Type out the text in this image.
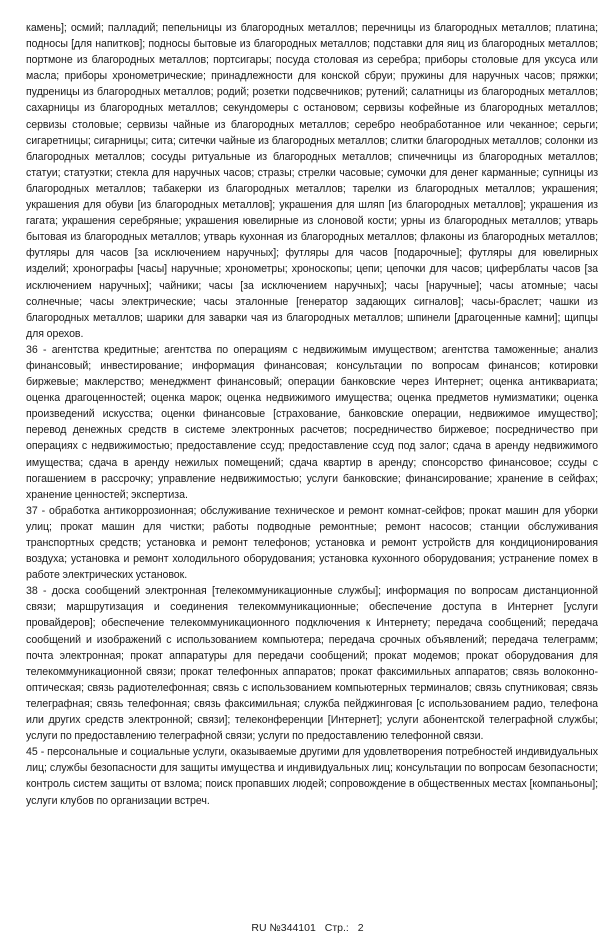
камень]; осмий; палладий; пепельницы из благородных металлов; перечницы из благородных металлов; платина; подносы [для напитков]; подносы бытовые из благородных металлов; подставки для яиц из благородных металлов; портмоне из благородных металлов; портсигары; посуда столовая из серебра; приборы столовые для уксуса или масла; приборы хронометрические; принадлежности для конской сбруи; пружины для наручных часов; пряжки; пудреницы из благородных металлов; родий; розетки подсвечников; рутений; салатницы из благородных металлов; сахарницы из благородных металлов; секундомеры с остановом; сервизы кофейные из благородных металлов; сервизы столовые; сервизы чайные из благородных металлов; серебро необработанное или чеканное; серьги; сигаретницы; сигарницы; сита; ситечки чайные из благородных металлов; слитки благородных металлов; солонки из благородных металлов; сосуды ритуальные из благородных металлов; спичечницы из благородных металлов; статуи; статуэтки; стекла для наручных часов; стразы; стрелки часовые; сумочки для денег карманные; супницы из благородных металлов; табакерки из благородных металлов; тарелки из благородных металлов; украшения; украшения для обуви [из благородных металлов]; украшения для шляп [из благородных металлов]; украшения из гагата; украшения серебряные; украшения ювелирные из слоновой кости; урны из благородных металлов; утварь бытовая из благородных металлов; утварь кухонная из благородных металлов; флаконы из благородных металлов; футляры для часов [за исключением наручных]; футляры для часов [подарочные]; футляры для ювелирных изделий; хронографы [часы] наручные; хронометры; хроноскопы; цепи; цепочки для часов; циферблаты часов [за исключением наручных]; чайники; часы [за исключением наручных]; часы [наручные]; часы атомные; часы солнечные; часы электрические; часы эталонные [генератор задающих сигналов]; часы-браслет; чашки из благородных металлов; шарики для заварки чая из благородных металлов; шпинели [драгоценные камни]; щипцы для орехов.

36 - агентства кредитные; агентства по операциям с недвижимым имуществом; агентства таможенные; анализ финансовый; инвестирование; информация финансовая; консультации по вопросам финансов; котировки биржевые; маклерство; менеджмент финансовый; операции банковские через Интернет; оценка антиквариата; оценка драгоценностей; оценка марок; оценка недвижимого имущества; оценка предметов нумизматики; оценка произведений искусства; оценки финансовые [страхование, банковские операции, недвижимое имущество]; перевод денежных средств в системе электронных расчетов; посредничество биржевое; посредничество при операциях с недвижимостью; предоставление ссуд; предоставление ссуд под залог; сдача в аренду недвижимого имущества; сдача в аренду нежилых помещений; сдача квартир в аренду; спонсорство финансовое; ссуды с погашением в рассрочку; управление недвижимостью; услуги банковские; финансирование; хранение в сейфах; хранение ценностей; экспертиза.

37 - обработка антикоррозионная; обслуживание техническое и ремонт комнат-сейфов; прокат машин для уборки улиц; прокат машин для чистки; работы подводные ремонтные; ремонт насосов; станции обслуживания транспортных средств; установка и ремонт телефонов; установка и ремонт устройств для кондиционирования воздуха; установка и ремонт холодильного оборудования; установка кухонного оборудования; устранение помех в работе электрических установок.

38 - доска сообщений электронная [телекоммуникационные службы]; информация по вопросам дистанционной связи; маршрутизация и соединения телекоммуникационные; обеспечение доступа в Интернет [услуги провайдеров]; обеспечение телекоммуникационного подключения к Интернету; передача сообщений; передача сообщений и изображений с использованием компьютера; передача срочных объявлений; передача телеграмм; почта электронная; прокат аппаратуры для передачи сообщений; прокат модемов; прокат оборудования для телекоммуникационной связи; прокат телефонных аппаратов; прокат факсимильных аппаратов; связь волоконно-оптическая; связь радиотелефонная; связь с использованием компьютерных терминалов; связь спутниковая; связь телеграфная; связь телефонная; связь факсимильная; служба пейджинговая [с использованием радио, телефона или других средств электронной; связи]; телеконференции [Интернет]; услуги абонентской телеграфной службы; услуги по предоставлению телеграфной связи; услуги по предоставлению телефонной связи.

45 - персональные и социальные услуги, оказываемые другими для удовлетворения потребностей индивидуальных лиц; службы безопасности для защиты имущества и индивидуальных лиц; консультации по вопросам безопасности; контроль систем защиты от взлома; поиск пропавших людей; сопровождение в общественных местах [компаньоны]; услуги клубов по организации встреч.

RU №344101 Стр.: 2
